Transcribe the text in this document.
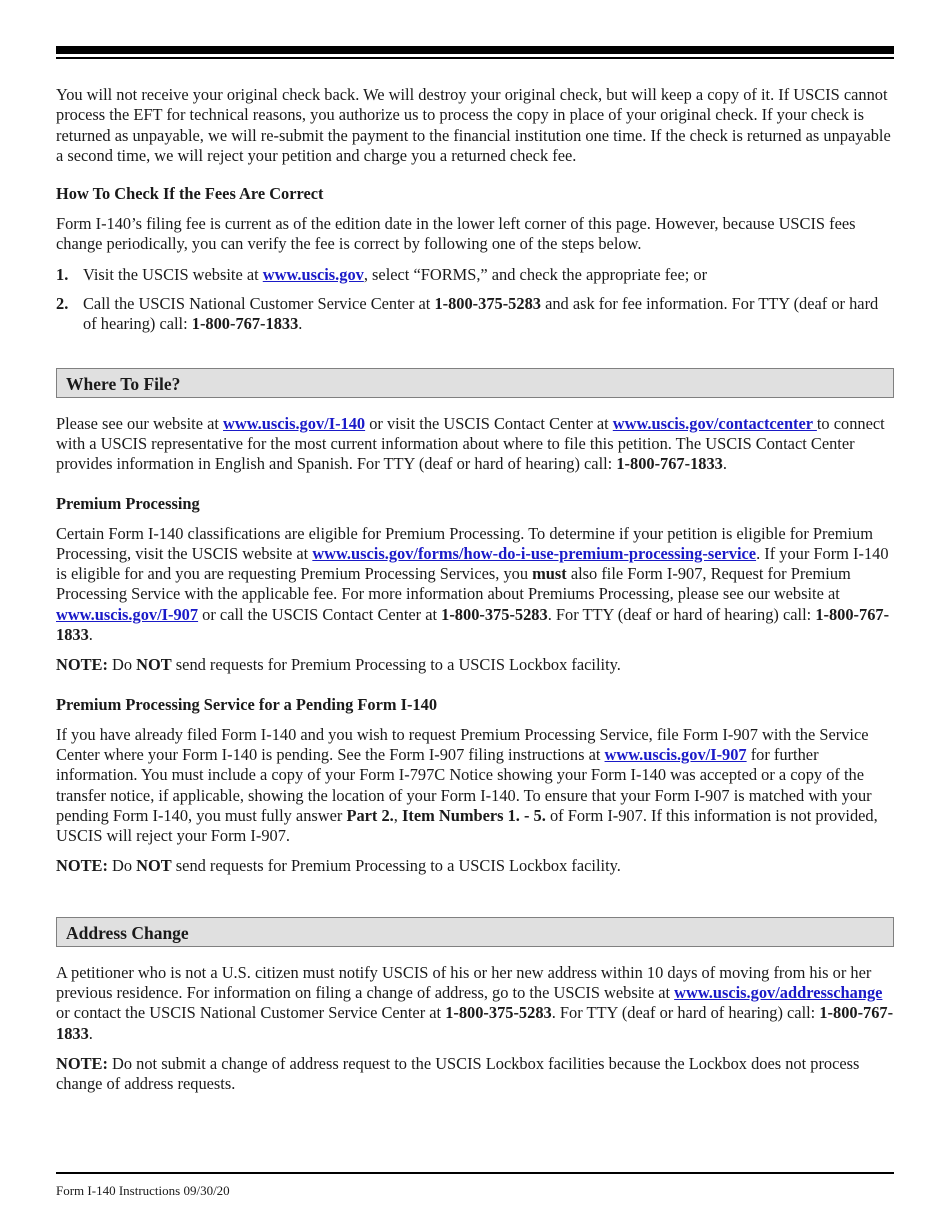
You will not receive your original check back. We will destroy your original check, but will keep a copy of it. If USCIS cannot process the EFT for technical reasons, you authorize us to process the copy in place of your original check. If your check is returned as unpayable, we will re-submit the payment to the financial institution one time. If the check is returned as unpayable a second time, we will reject your petition and charge you a returned check fee.

How To Check If the Fees Are Correct

Form I-140’s filing fee is current as of the edition date in the lower left corner of this page. However, because USCIS fees change periodically, you can verify the fee is correct by following one of the steps below.

1. Visit the USCIS website at www.uscis.gov, select “FORMS,” and check the appropriate fee; or
2. Call the USCIS National Customer Service Center at 1-800-375-5283 and ask for fee information. For TTY (deaf or hard of hearing) call: 1-800-767-1833.
Where To File?

Please see our website at www.uscis.gov/I-140 or visit the USCIS Contact Center at www.uscis.gov/contactcenter to connect with a USCIS representative for the most current information about where to file this petition. The USCIS Contact Center provides information in English and Spanish. For TTY (deaf or hard of hearing) call: 1-800-767-1833.

Premium Processing

Certain Form I-140 classifications are eligible for Premium Processing. To determine if your petition is eligible for Premium Processing, visit the USCIS website at www.uscis.gov/forms/how-do-i-use-premium-processing-service. If your Form I-140 is eligible for and you are requesting Premium Processing Services, you must also file Form I-907, Request for Premium Processing Service with the applicable fee. For more information about Premiums Processing, please see our website at www.uscis.gov/I-907 or call the USCIS Contact Center at 1-800-375-5283. For TTY (deaf or hard of hearing) call: 1-800-767-1833.

NOTE: Do NOT send requests for Premium Processing to a USCIS Lockbox facility.

Premium Processing Service for a Pending Form I-140

If you have already filed Form I-140 and you wish to request Premium Processing Service, file Form I-907 with the Service Center where your Form I-140 is pending. See the Form I-907 filing instructions at www.uscis.gov/I-907 for further information. You must include a copy of your Form I-797C Notice showing your Form I-140 was accepted or a copy of the transfer notice, if applicable, showing the location of your Form I-140. To ensure that your Form I-907 is matched with your pending Form I-140, you must fully answer Part 2., Item Numbers 1. - 5. of Form I-907. If this information is not provided, USCIS will reject your Form I-907.

NOTE: Do NOT send requests for Premium Processing to a USCIS Lockbox facility.

Address Change

A petitioner who is not a U.S. citizen must notify USCIS of his or her new address within 10 days of moving from his or her previous residence. For information on filing a change of address, go to the USCIS website at www.uscis.gov/addresschange or contact the USCIS National Customer Service Center at 1-800-375-5283. For TTY (deaf or hard of hearing) call: 1-800-767-1833.

NOTE: Do not submit a change of address request to the USCIS Lockbox facilities because the Lockbox does not process change of address requests.

Form I-140 Instructions 09/30/20
